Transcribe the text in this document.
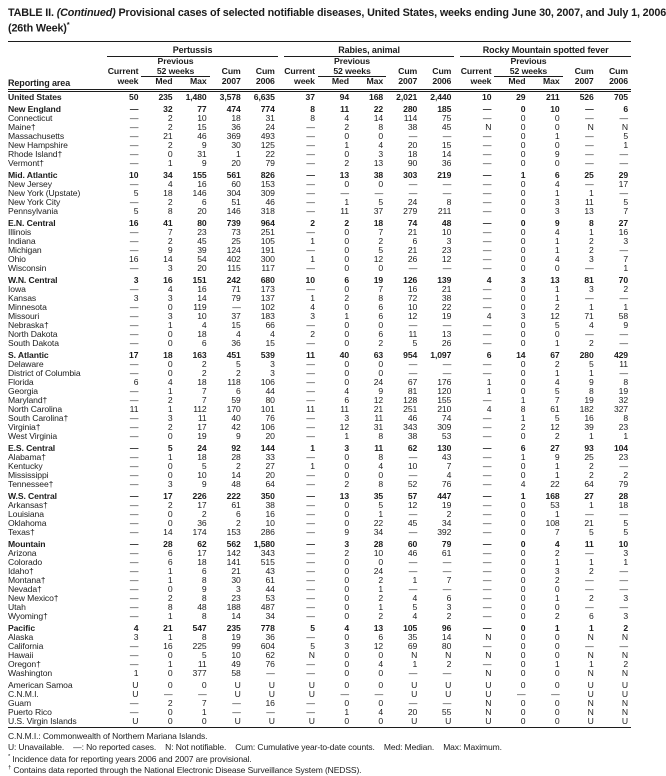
TABLE II. (Continued) Provisional cases of selected notifiable diseases, United States, weeks ending June 30, 2007, and July 1, 2006
(26th Week)*
Reporting area	Pertussis						Rabies, animal						Rocky Mountain spotted fever				
		Previous						Previous						Previous			
	Current	52 weeks		Cum	Cum		Current	52 weeks		Cum	Cum		Current	52 weeks		Cum	Cum
	week	Med	Max	2007	2006		week	Med	Max	2007	2006		week	Med	Max	2007	2006
United States	50	235	1,480	3,578	6,635		37	94	168	2,021	2,440		10	29	211	526	705
New England	—	32	77	474	774		8	11	22	280	185		—	0	10	—	6
Connecticut	—	2	10	18	31		8	4	14	114	75		—	0	0	—	—
Maine†	—	2	15	36	24		—	2	8	38	45		N	0	0	N	N
Massachusetts	—	21	46	369	493		—	0	0	—	—		—	0	1	—	5
New Hampshire	—	2	9	30	125		—	1	4	20	15		—	0	0	—	1
Rhode Island†	—	0	31	1	22		—	0	3	18	14		—	0	9	—	—
Vermont†	—	1	9	20	79		—	2	13	90	36		—	0	0	—	—
Mid. Atlantic	10	34	155	561	826		—	13	38	303	219		—	1	6	25	29
New Jersey	—	4	16	60	153		—	0	0	—	—		—	0	4	—	17
New York (Upstate)	5	18	146	304	309		—	—	—	—	—		—	0	1	1	—
New York City	—	2	6	51	46		—	1	5	24	8		—	0	3	11	5
Pennsylvania	5	8	20	146	318		—	11	37	279	211		—	0	3	13	7
E.N. Central	16	41	80	739	964		2	2	18	74	48		—	0	9	8	27
Illinois	—	7	23	73	251		—	0	7	21	10		—	0	4	1	16
Indiana	—	2	45	25	105		1	0	2	6	3		—	0	1	2	3
Michigan	—	9	39	124	191		—	0	5	21	23		—	0	1	2	—
Ohio	16	14	54	402	300		1	0	12	26	12		—	0	4	3	7
Wisconsin	—	3	20	115	117		—	0	0	—	—		—	0	0	—	1
W.N. Central	3	16	151	242	680		10	6	19	126	139		4	3	13	81	70
Iowa	—	4	16	71	173		—	0	7	16	21		—	0	1	3	2
Kansas	3	3	14	79	137		1	2	8	72	38		—	0	1	—	—
Minnesota	—	0	119	—	102		4	0	6	10	22		—	0	2	1	1
Missouri	—	3	10	37	183		3	1	6	12	19		4	3	12	71	58
Nebraska†	—	1	4	15	66		—	0	0	—	—		—	0	5	4	9
North Dakota	—	0	18	4	4		2	0	6	11	13		—	0	0	—	—
South Dakota	—	0	6	36	15		—	0	2	5	26		—	0	1	2	—
S. Atlantic	17	18	163	451	539		11	40	63	954	1,097		6	14	67	280	429
Delaware	—	0	2	5	3		—	0	0	—	—		—	0	2	5	11
District of Columbia	—	0	2	2	3		—	0	0	—	—		—	0	1	1	—
Florida	6	4	18	118	106		—	0	24	67	176		1	0	4	9	8
Georgia	—	1	7	6	44		—	4	9	81	120		1	0	5	8	19
Maryland†	—	2	7	59	80		—	6	12	128	155		—	1	7	19	32
North Carolina	11	1	112	170	101		11	11	21	251	210		4	8	61	182	327
South Carolina†	—	3	11	40	76		—	3	11	46	74		—	1	5	16	8
Virginia†	—	2	17	42	106		—	12	31	343	309		—	2	12	39	23
West Virginia	—	0	19	9	20		—	1	8	38	53		—	0	2	1	1
E.S. Central	—	5	24	92	144		1	3	11	62	130		—	6	27	93	104
Alabama†	—	1	18	28	33		—	0	8	—	43		—	1	9	25	23
Kentucky	—	0	5	2	27		1	0	4	10	7		—	0	1	2	—
Mississippi	—	0	10	14	20		—	0	0	—	4		—	0	1	2	2
Tennessee†	—	3	9	48	64		—	2	8	52	76		—	4	22	64	79
W.S. Central	—	17	226	222	350		—	13	35	57	447		—	1	168	27	28
Arkansas†	—	2	17	61	38		—	0	5	12	19		—	0	53	1	18
Louisiana	—	0	2	6	16		—	0	1	—	2		—	0	1	—	—
Oklahoma	—	0	36	2	10		—	0	22	45	34		—	0	108	21	5
Texas†	—	14	174	153	286		—	9	34	—	392		—	0	7	5	5
Mountain	—	28	62	562	1,580		—	3	28	60	79		—	0	4	11	10
Arizona	—	6	17	142	343		—	2	10	46	61		—	0	2	—	3
Colorado	—	6	18	141	515		—	0	0	—	—		—	0	1	1	1
Idaho†	—	1	6	21	43		—	0	24	—	—		—	0	3	2	—
Montana†	—	1	8	30	61		—	0	2	1	7		—	0	2	—	—
Nevada†	—	0	9	3	44		—	0	1	—	—		—	0	0	—	—
New Mexico†	—	2	8	23	53		—	0	2	4	6		—	0	1	2	3
Utah	—	8	48	188	487		—	0	1	5	3		—	0	0	—	—
Wyoming†	—	1	8	14	34		—	0	2	4	2		—	0	2	6	3
Pacific	4	21	547	235	778		5	4	13	105	96		—	0	1	1	2
Alaska	3	1	8	19	36		—	0	6	35	14		N	0	0	N	N
California	—	16	225	99	604		5	3	12	69	80		—	0	0	—	—
Hawaii	—	0	5	10	62		N	0	0	N	N		N	0	0	N	N
Oregon†	—	1	11	49	76		—	0	4	1	2		—	0	1	1	2
Washington	1	0	377	58	—		—	0	0	—	—		N	0	0	N	N
American Samoa	U	0	0	U	U		U	0	0	U	U		U	0	0	U	U
C.N.M.I.	U	—	—	U	U		U	—	—	U	U		U	—	—	U	U
Guam	—	2	7	—	16		—	0	0	—	—		N	0	0	N	N
Puerto Rico	—	0	1	—	—		—	1	4	20	55		N	0	0	N	N
U.S. Virgin Islands	U	0	0	U	U		U	0	0	U	U		U	0	0	U	U
C.N.M.I.: Commonwealth of Northern Mariana Islands.
U: Unavailable.    —: No reported cases.    N: Not notifiable.    Cum: Cumulative year-to-date counts.    Med: Median.    Max: Maximum.
* Incidence data for reporting years 2006 and 2007 are provisional.
† Contains data reported through the National Electronic Disease Surveillance System (NEDSS).
